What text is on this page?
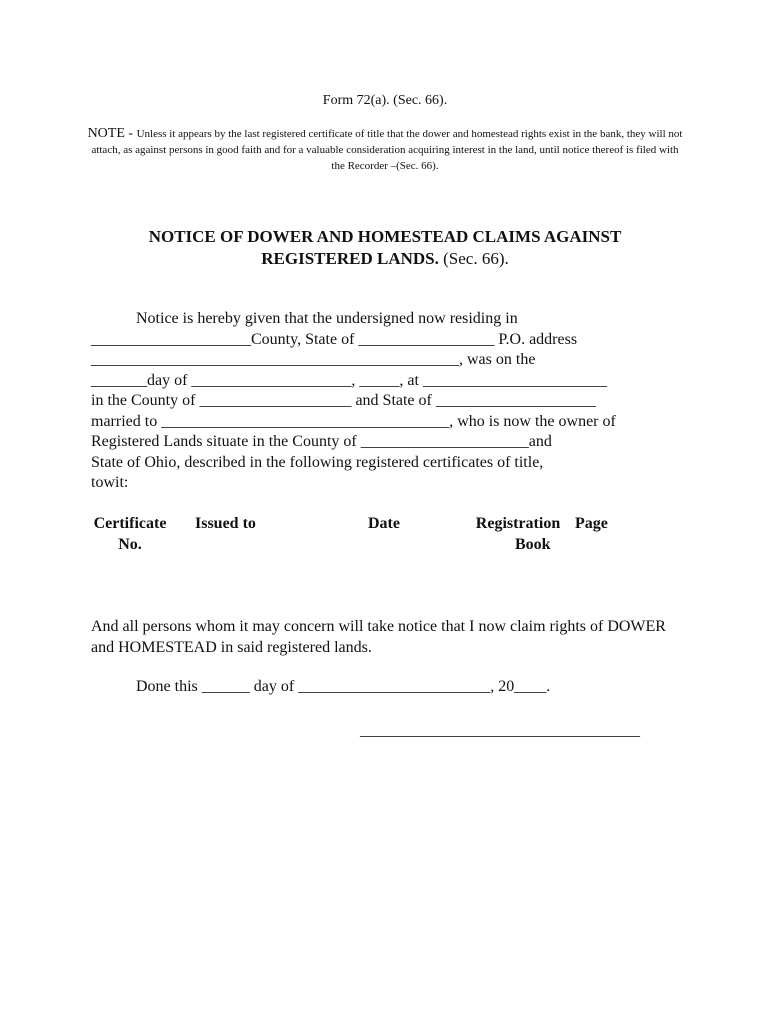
Form 72(a). (Sec. 66).
NOTE - Unless it appears by the last registered certificate of title that the dower and homestead rights exist in the bank, they will not attach, as against persons in good faith and for a valuable consideration acquiring interest in the land, until notice thereof is filed with the Recorder –(Sec. 66).
NOTICE OF DOWER AND HOMESTEAD CLAIMS AGAINST
REGISTERED LANDS. (Sec. 66).
Notice is hereby given that the undersigned now residing in
____________________County, State of _________________ P.O. address
______________________________________________, was on the
_______day of ____________________, _____, at _______________________
in the County of ___________________ and State of ____________________
married to ____________________________________, who is now the owner of
Registered Lands situate in the County of _____________________and
State of Ohio, described in the following registered certificates of title,
towit:
Certificate
No.
Issued to	Date	Registration
Book
Page
And all persons whom it may concern will take notice that I now claim rights of DOWER and HOMESTEAD in said registered lands.
Done this ______ day of ________________________, 20____.
___________________________________
